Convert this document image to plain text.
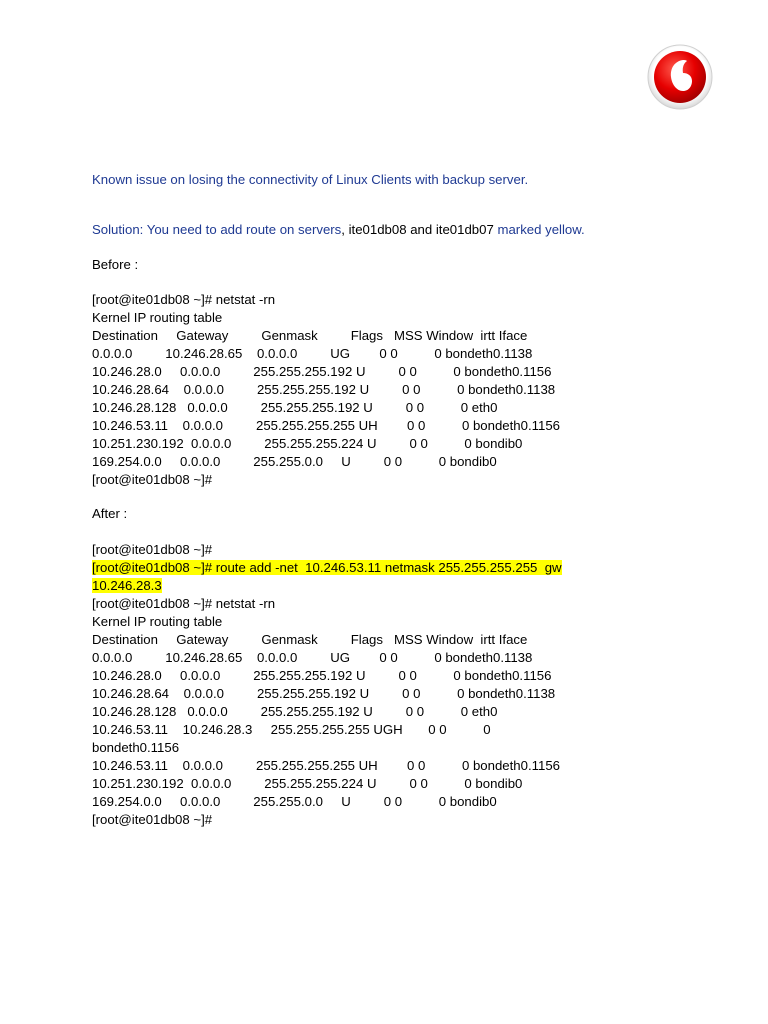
Known issue on losing the connectivity of Linux Clients with backup server.
Solution: You need to add route on servers, ite01db08 and ite01db07 marked yellow.
Before :
[root@ite01db08 ~]# netstat -rn
Kernel IP routing table
Destination     Gateway         Genmask         Flags   MSS Window  irtt Iface
0.0.0.0         10.246.28.65    0.0.0.0         UG        0 0          0 bondeth0.1138
10.246.28.0     0.0.0.0         255.255.255.192 U         0 0          0 bondeth0.1156
10.246.28.64    0.0.0.0         255.255.255.192 U         0 0          0 bondeth0.1138
10.246.28.128   0.0.0.0         255.255.255.192 U         0 0          0 eth0
10.246.53.11    0.0.0.0         255.255.255.255 UH        0 0          0 bondeth0.1156
10.251.230.192  0.0.0.0         255.255.255.224 U         0 0          0 bondib0
169.254.0.0     0.0.0.0         255.255.0.0     U         0 0          0 bondib0
[root@ite01db08 ~]#
After :
[root@ite01db08 ~]#
[root@ite01db08 ~]# route add -net  10.246.53.11 netmask 255.255.255.255  gw
10.246.28.3
[root@ite01db08 ~]# netstat -rn
Kernel IP routing table
Destination     Gateway         Genmask         Flags   MSS Window  irtt Iface
0.0.0.0         10.246.28.65    0.0.0.0         UG        0 0          0 bondeth0.1138
10.246.28.0     0.0.0.0         255.255.255.192 U         0 0          0 bondeth0.1156
10.246.28.64    0.0.0.0         255.255.255.192 U         0 0          0 bondeth0.1138
10.246.28.128   0.0.0.0         255.255.255.192 U         0 0          0 eth0
10.246.53.11    10.246.28.3     255.255.255.255 UGH       0 0          0
bondeth0.1156
10.246.53.11    0.0.0.0         255.255.255.255 UH        0 0          0 bondeth0.1156
10.251.230.192  0.0.0.0         255.255.255.224 U         0 0          0 bondib0
169.254.0.0     0.0.0.0         255.255.0.0     U         0 0          0 bondib0
[root@ite01db08 ~]#
